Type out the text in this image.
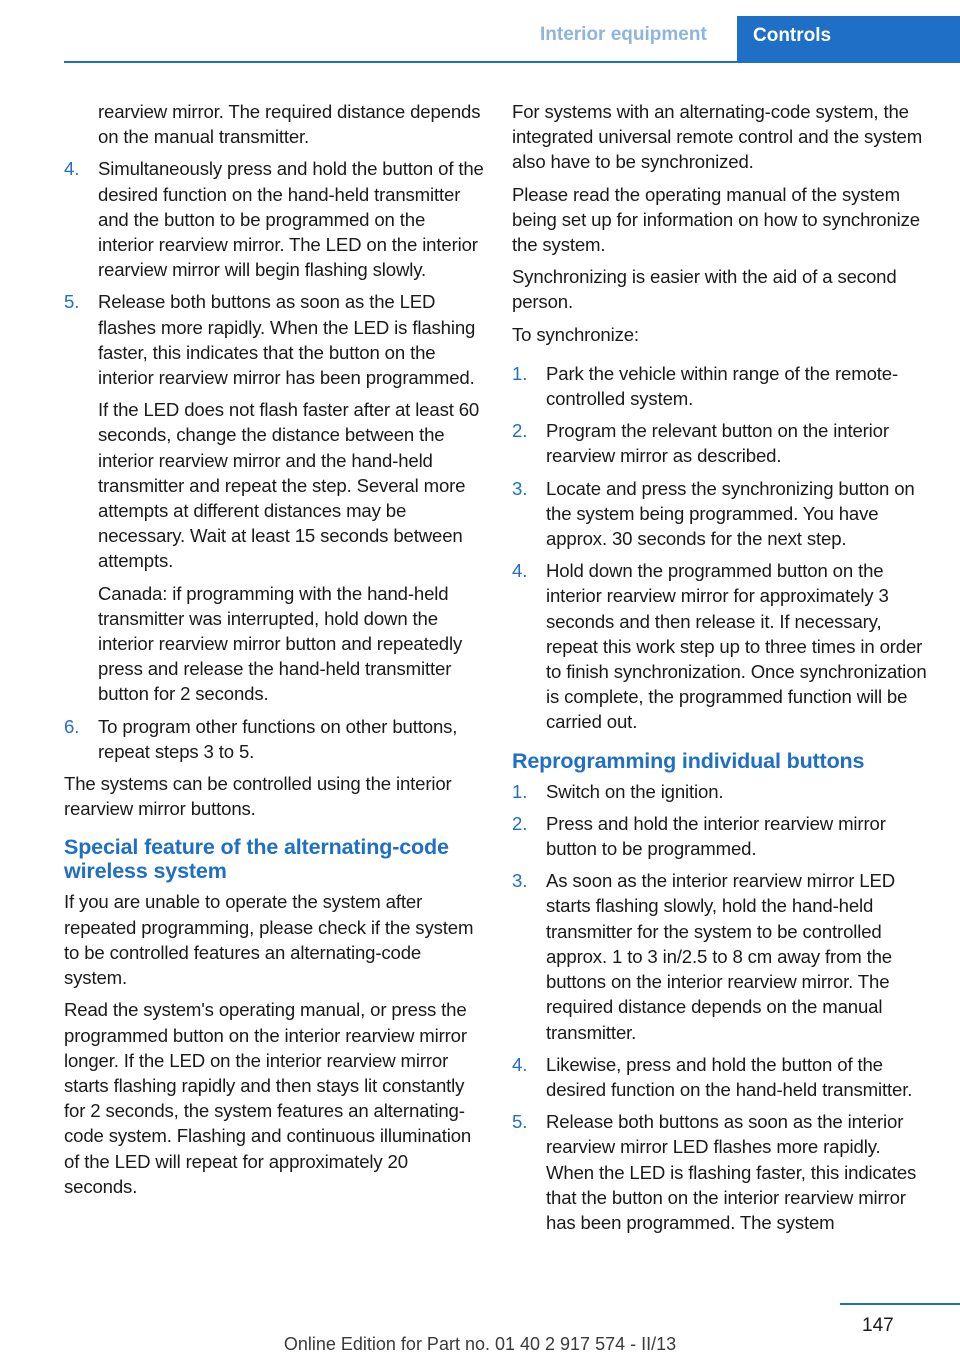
Interior equipment	Controls

rearview mirror. The required distance depends on the manual transmitter.

4. Simultaneously press and hold the button of the desired function on the hand-held transmitter and the button to be programmed on the interior rearview mirror. The LED on the interior rearview mirror will begin flashing slowly.
5. Release both buttons as soon as the LED flashes more rapidly. When the LED is flashing faster, this indicates that the button on the interior rearview mirror has been programmed.
If the LED does not flash faster after at least 60 seconds, change the distance between the interior rearview mirror and the hand-held transmitter and repeat the step. Several more attempts at different distances may be necessary. Wait at least 15 seconds between attempts.
Canada: if programming with the hand-held transmitter was interrupted, hold down the interior rearview mirror button and repeatedly press and release the hand-held transmitter button for 2 seconds.
6. To program other functions on other buttons, repeat steps 3 to 5.

The systems can be controlled using the interior rearview mirror buttons.

Special feature of the alternating-code wireless system

If you are unable to operate the system after repeated programming, please check if the system to be controlled features an alternating-code system.

Read the system's operating manual, or press the programmed button on the interior rearview mirror longer. If the LED on the interior rearview mirror starts flashing rapidly and then stays lit constantly for 2 seconds, the system features an alternating-code system. Flashing and continuous illumination of the LED will repeat for approximately 20 seconds.

For systems with an alternating-code system, the integrated universal remote control and the system also have to be synchronized.

Please read the operating manual of the system being set up for information on how to synchronize the system.

Synchronizing is easier with the aid of a second person.

To synchronize:

1. Park the vehicle within range of the remote-controlled system.
2. Program the relevant button on the interior rearview mirror as described.
3. Locate and press the synchronizing button on the system being programmed. You have approx. 30 seconds for the next step.
4. Hold down the programmed button on the interior rearview mirror for approximately 3 seconds and then release it. If necessary, repeat this work step up to three times in order to finish synchronization. Once synchronization is complete, the programmed function will be carried out.
Reprogramming individual buttons
1. Switch on the ignition.
2. Press and hold the interior rearview mirror button to be programmed.
3. As soon as the interior rearview mirror LED starts flashing slowly, hold the hand-held transmitter for the system to be controlled approx. 1 to 3 in/2.5 to 8 cm away from the buttons on the interior rearview mirror. The required distance depends on the manual transmitter.
4. Likewise, press and hold the button of the desired function on the hand-held transmitter.
5. Release both buttons as soon as the interior rearview mirror LED flashes more rapidly. When the LED is flashing faster, this indicates that the button on the interior rearview mirror has been programmed. The system
147
Online Edition for Part no. 01 40 2 917 574 - II/13
